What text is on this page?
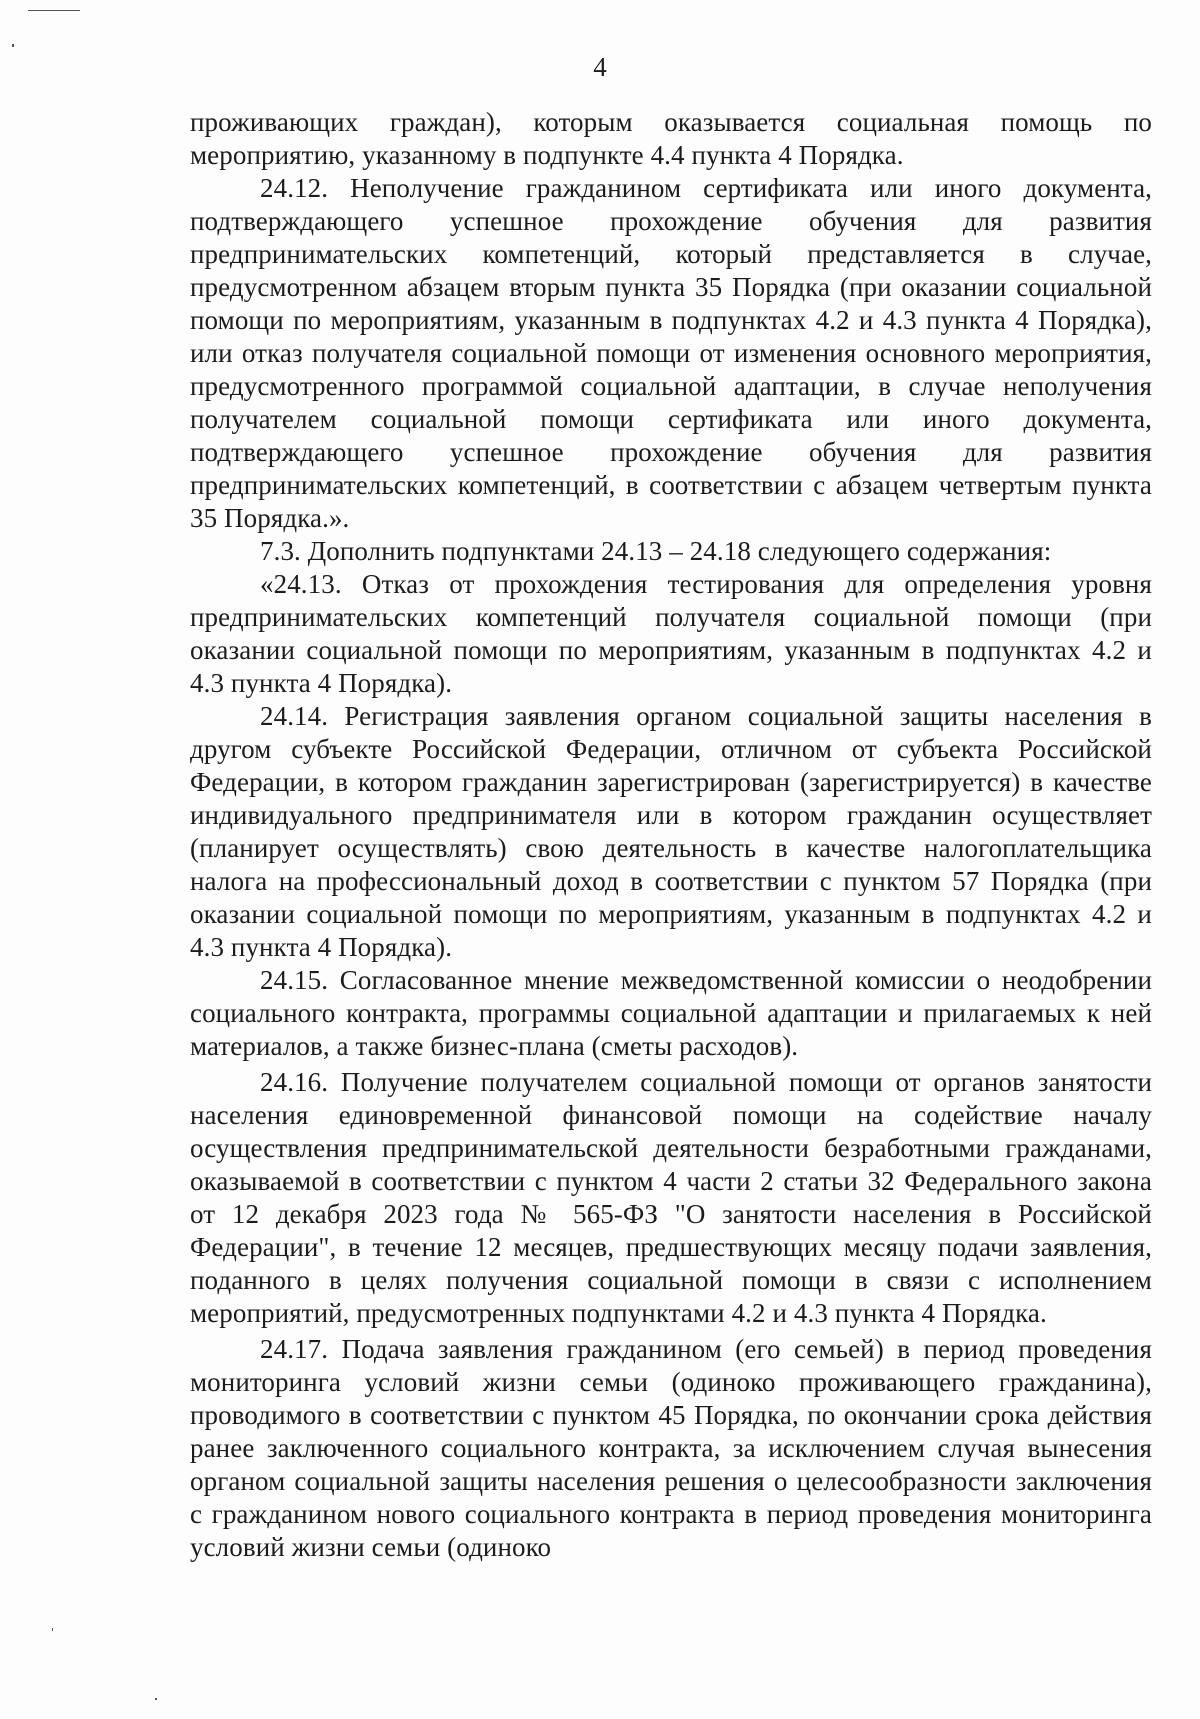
4

проживающих граждан), которым оказывается социальная помощь по мероприятию, указанному в подпункте 4.4 пункта 4 Порядка.

24.12. Неполучение гражданином сертификата или иного документа, подтверждающего успешное прохождение обучения для развития предпринимательских компетенций, который представляется в случае, предусмотренном абзацем вторым пункта 35 Порядка (при оказании социальной помощи по мероприятиям, указанным в подпунктах 4.2 и 4.3 пункта 4 Порядка), или отказ получателя социальной помощи от изменения основного мероприятия, предусмотренного программой социальной адаптации, в случае неполучения получателем социальной помощи сертификата или иного документа, подтверждающего успешное прохождение обучения для развития предпринимательских компетенций, в соответствии с абзацем четвертым пункта 35 Порядка.».

7.3. Дополнить подпунктами 24.13 – 24.18 следующего содержания:

«24.13. Отказ от прохождения тестирования для определения уровня предпринимательских компетенций получателя социальной помощи (при оказании социальной помощи по мероприятиям, указанным в подпунктах 4.2 и 4.3 пункта 4 Порядка).

24.14. Регистрация заявления органом социальной защиты населения в другом субъекте Российской Федерации, отличном от субъекта Российской Федерации, в котором гражданин зарегистрирован (зарегистрируется) в качестве индивидуального предпринимателя или в котором гражданин осуществляет (планирует осуществлять) свою деятельность в качестве налогоплательщика налога на профессиональный доход в соответствии с пунктом 57 Порядка (при оказании социальной помощи по мероприятиям, указанным в подпунктах 4.2 и 4.3 пункта 4 Порядка).

24.15. Согласованное мнение межведомственной комиссии о неодобрении социального контракта, программы социальной адаптации и прилагаемых к ней материалов, а также бизнес-плана (сметы расходов).

24.16. Получение получателем социальной помощи от органов занятости населения единовременной финансовой помощи на содействие началу осуществления предпринимательской деятельности безработными гражданами, оказываемой в соответствии с пунктом 4 части 2 статьи 32 Федерального закона от 12 декабря 2023 года № 565-ФЗ "О занятости населения в Российской Федерации", в течение 12 месяцев, предшествующих месяцу подачи заявления, поданного в целях получения социальной помощи в связи с исполнением мероприятий, предусмотренных подпунктами 4.2 и 4.3 пункта 4 Порядка.

24.17. Подача заявления гражданином (его семьей) в период проведения мониторинга условий жизни семьи (одиноко проживающего гражданина), проводимого в соответствии с пунктом 45 Порядка, по окончании срока действия ранее заключенного социального контракта, за исключением случая вынесения органом социальной защиты населения решения о целесообразности заключения с гражданином нового социального контракта в период проведения мониторинга условий жизни семьи (одиноко
